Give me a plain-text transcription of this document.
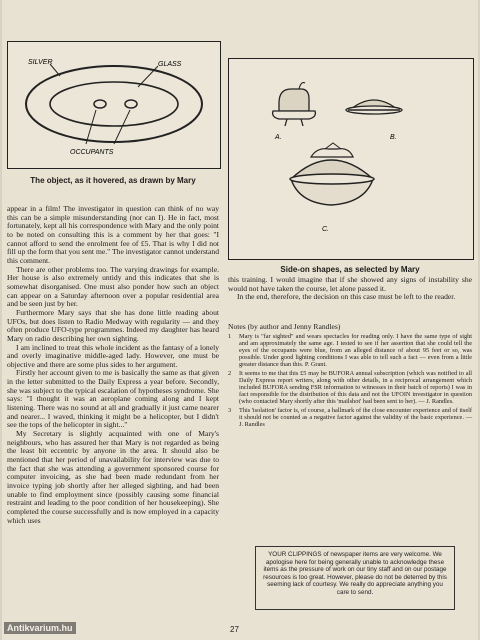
SILVER	GLASS
OCCUPANTS
The object, as it hovered, as drawn by Mary
A.	B.
C.
Side-on shapes, as selected by Mary

appear in a film! The investigator in question can think of no way this can be a simple misunderstanding (nor can I). He in fact, most fortunately, kept all his correspondence with Mary and the only point to be noted on consulting this is a comment by her that goes: "I cannot afford to send the enrolment fee of £5. That is why I did not fill up the form that you sent me." The investigator cannot understand this comment.

There are other problems too. The varying drawings for example. Her house is also extremely untidy and this indicates that she is somewhat disorganised. One must also ponder how such an object can appear on a Saturday afternoon over a popular residential area and be seen just by her.

Furthermore Mary says that she has done little reading about UFOs, but does listen to Radio Medway with regularity — and they often produce UFO-type programmes. Indeed my daughter has heard Mary on radio describing her own sighting.

I am inclined to treat this whole incident as the fantasy of a lonely and overly imaginative middle-aged lady. However, one must be objective and there are some plus sides to her argument.

Firstly her account given to me is basically the same as that given in the letter submitted to the Daily Express a year before. Secondly, she was subject to the typical escalation of hypotheses syndrome. She says: "I thought it was an aeroplane coming along and I kept listening. There was no sound at all and gradually it just came nearer and nearer... I waved, thinking it might be a helicopter, but I didn't see the tops of the helicopter in sight..."

My Secretary is slightly acquainted with one of Mary's neighbours, who has assured her that Mary is not regarded as being the least bit eccentric by anyone in the area. It should also be mentioned that her period of unavailability for interview was due to the fact that she was attending a government sponsored course for computer invoicing, as she had been made redundant from her invoice typing job shortly after her alleged sighting, and had been unable to find employment since (possibly causing some financial restraint and leading to the poor condition of her housekeeping). She completed the course successfully and is now employed in a capacity which uses

this training. I would imagine that if she showed any signs of instability she would not have taken the course, let alone passed it.

In the end, therefore, the decision on this case must be left to the reader.

Notes (by author and Jenny Randles)
1	Mary is "far sighted" and wears spectacles for reading only. I have the same type of sight and am approximately the same age. I tested to see if her assertion that she could tell the eyes of the occupants were blue, from an alleged distance of about 95 feet or so, was possible. Under good lighting conditions I was able to tell such a fact — even from a little greater distance than this. P. Grant.
2	It seems to me that this £5 may be BUFORA annual subscription (which was notified to all Daily Express report writers, along with other details, in a reciprocal arrangement which included BUFORA sending FSR information to witnesses in their batch of reports) I was in fact responsible for the distribution of this data and not the UFOIN investigator in question (who contacted Mary shortly after this 'mailshot' had been sent to her). — J. Randles.
3	This 'isolation' factor is, of course, a hallmark of the close encounter experience and of itself it should not be counted as a negative factor against the validity of the basic experience. — J. Randles
YOUR CLIPPINGS of newspaper items are very welcome. We apologise here for being generally unable to acknowledge these items as the pressure of work on our tiny staff and on our postage resources is too great. However, please do not be deterred by this seeming lack of courtesy. We really do appreciate anything you care to send.
27
Antikvarium.hu
